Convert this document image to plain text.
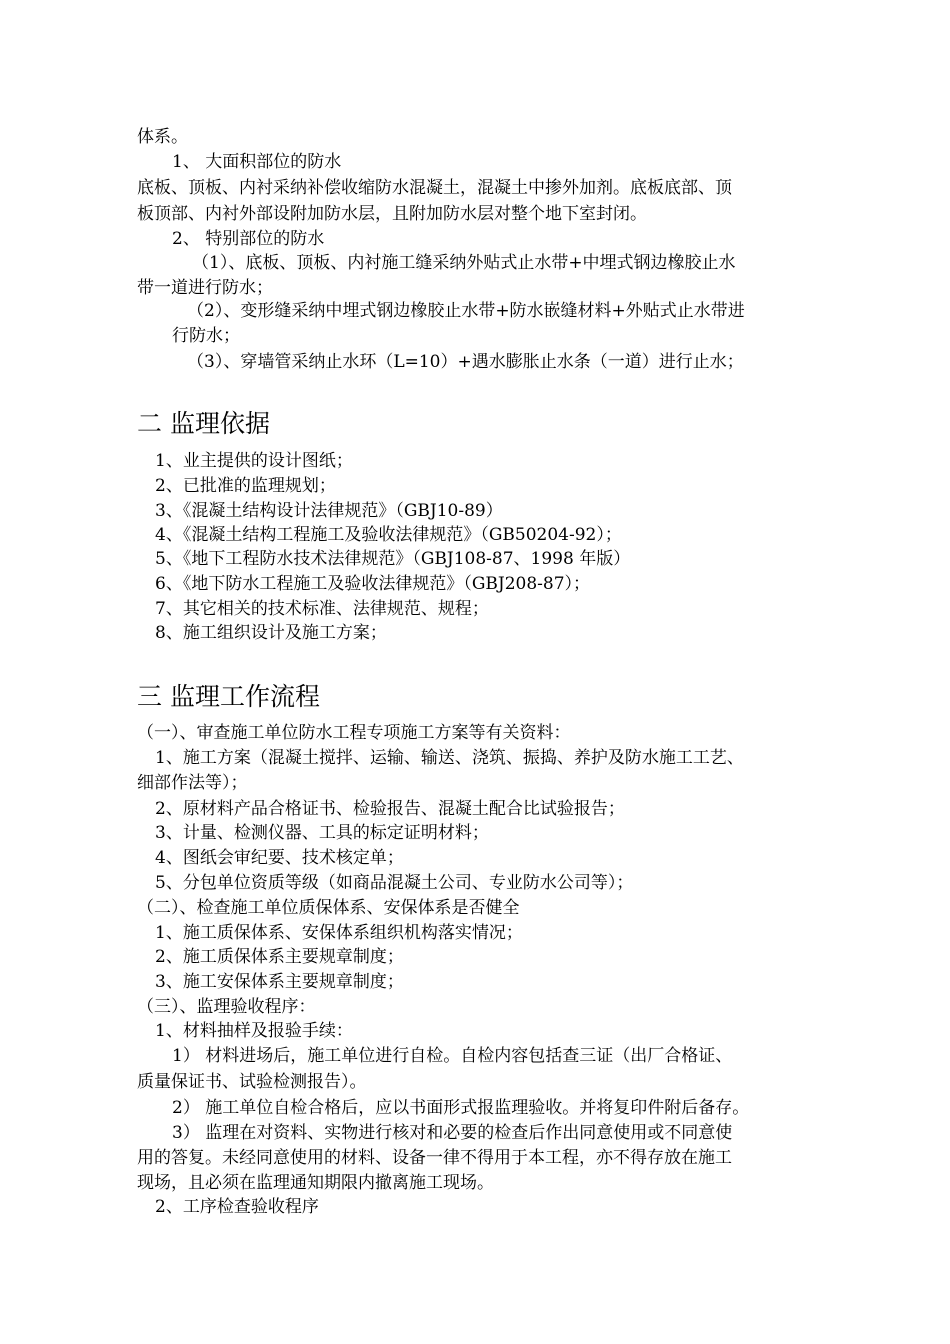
体系。
1、 大面积部位的防水
底板、顶板、内衬采纳补偿收缩防水混凝土，混凝土中掺外加剂。底板底部、顶
板顶部、内衬外部设附加防水层，且附加防水层对整个地下室封闭。
2、 特别部位的防水
（1）、底板、顶板、内衬施工缝采纳外贴式止水带+中埋式钢边橡胶止水
带一道进行防水；
（2）、变形缝采纳中埋式钢边橡胶止水带+防水嵌缝材料+外贴式止水带进
行防水；
（3）、穿墙管采纳止水环（L=10）+遇水膨胀止水条（一道）进行止水；
二 监理依据
1、业主提供的设计图纸；
2、已批准的监理规划；
3、《混凝土结构设计法律规范》（GBJ10-89）
4、《混凝土结构工程施工及验收法律规范》（GB50204-92）；
5、《地下工程防水技术法律规范》（GBJ108-87、1998 年版）
6、《地下防水工程施工及验收法律规范》（GBJ208-87）；
7、其它相关的技术标准、法律规范、规程；
8、施工组织设计及施工方案；
三 监理工作流程
（一）、审查施工单位防水工程专项施工方案等有关资料：
1、施工方案（混凝土搅拌、运输、输送、浇筑、振捣、养护及防水施工工艺、
细部作法等）；
2、原材料产品合格证书、检验报告、混凝土配合比试验报告；
3、计量、检测仪器、工具的标定证明材料；
4、图纸会审纪要、技术核定单；
5、分包单位资质等级（如商品混凝土公司、专业防水公司等）；
（二）、检查施工单位质保体系、安保体系是否健全
1、施工质保体系、安保体系组织机构落实情况；
2、施工质保体系主要规章制度；
3、施工安保体系主要规章制度；
（三）、监理验收程序：
1、材料抽样及报验手续：
1） 材料进场后，施工单位进行自检。自检内容包括查三证（出厂合格证、
质量保证书、试验检测报告）。
2） 施工单位自检合格后，应以书面形式报监理验收。并将复印件附后备存。
3） 监理在对资料、实物进行核对和必要的检查后作出同意使用或不同意使
用的答复。未经同意使用的材料、设备一律不得用于本工程，亦不得存放在施工
现场，且必须在监理通知期限内撤离施工现场。
2、工序检查验收程序
